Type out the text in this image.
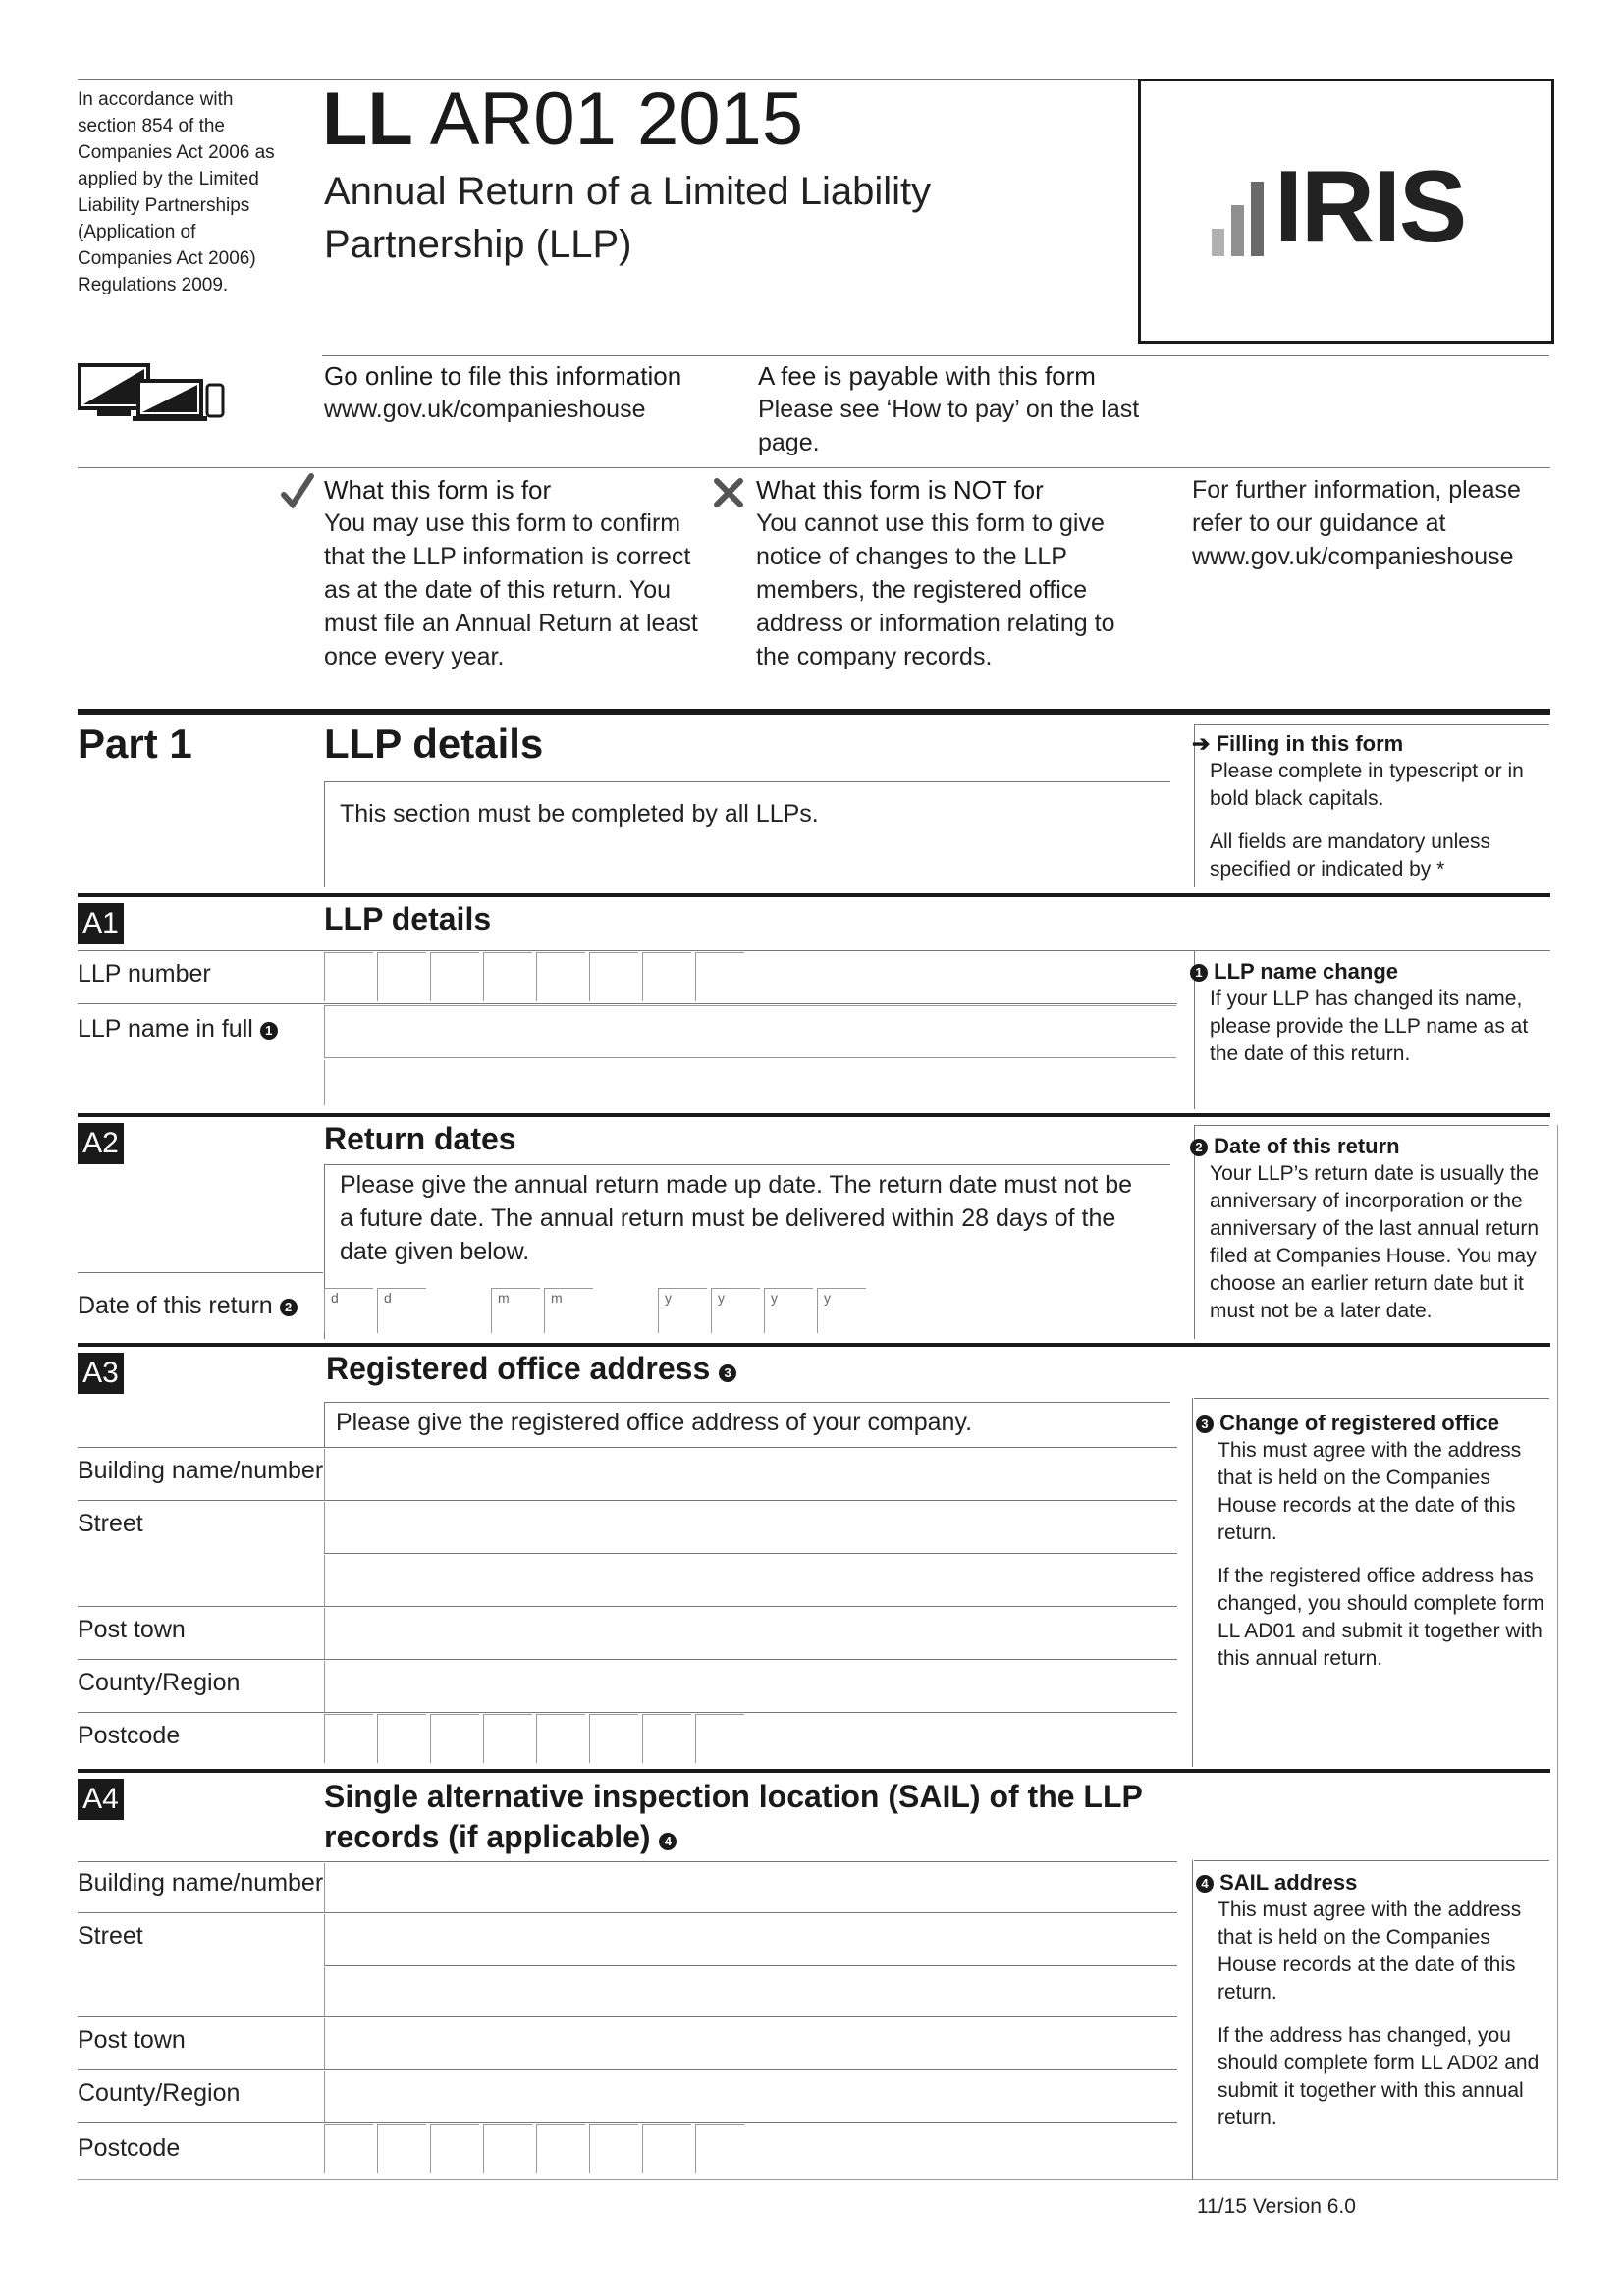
In accordance with section 854 of the Companies Act 2006 as applied by the Limited Liability Partnerships (Application of Companies Act 2006) Regulations 2009.
LL AR01 2015
Annual Return of a Limited Liability Partnership (LLP)	IRIS
Go online to file this information
www.gov.uk/companieshouse
A fee is payable with this form
Please see ‘How to pay’ on the last page.
What this form is for
You may use this form to confirm that the LLP information is correct as at the date of this return. You must file an Annual Return at least once every year.
What this form is NOT for
You cannot use this form to give notice of changes to the LLP members, the registered office address or information relating to the company records.
For further information, please refer to our guidance at www.gov.uk/companieshouse
Part 1	LLP details
This section must be completed by all LLPs.
➔ Filling in this form
Please complete in typescript or in bold black capitals.
All fields are mandatory unless specified or indicated by *
A1	LLP details
LLP number
LLP name in full 1
1 LLP name change
If your LLP has changed its name, please provide the LLP name as at the date of this return.
A2	Return dates
Please give the annual return made up date. The return date must not be a future date. The annual return must be delivered within 28 days of the date given below.
Date of this return 2
d	d	m	m	y	y	y	y
2 Date of this return
Your LLP’s return date is usually the anniversary of incorporation or the anniversary of the last annual return filed at Companies House. You may choose an earlier return date but it must not be a later date.
A3	Registered office address 3
Please give the registered office address of your company.
Building name/number
Street
Post town
County/Region
Postcode
3 Change of registered office
This must agree with the address that is held on the Companies House records at the date of this return.
If the registered office address has changed, you should complete form LL AD01 and submit it together with this annual return.
A4	Single alternative inspection location (SAIL) of the LLP
records (if applicable) 4
Building name/number
Street
Post town
County/Region
Postcode
4 SAIL address
This must agree with the address that is held on the Companies House records at the date of this return.
If the address has changed, you should complete form LL AD02 and submit it together with this annual return.
11/15 Version 6.0
